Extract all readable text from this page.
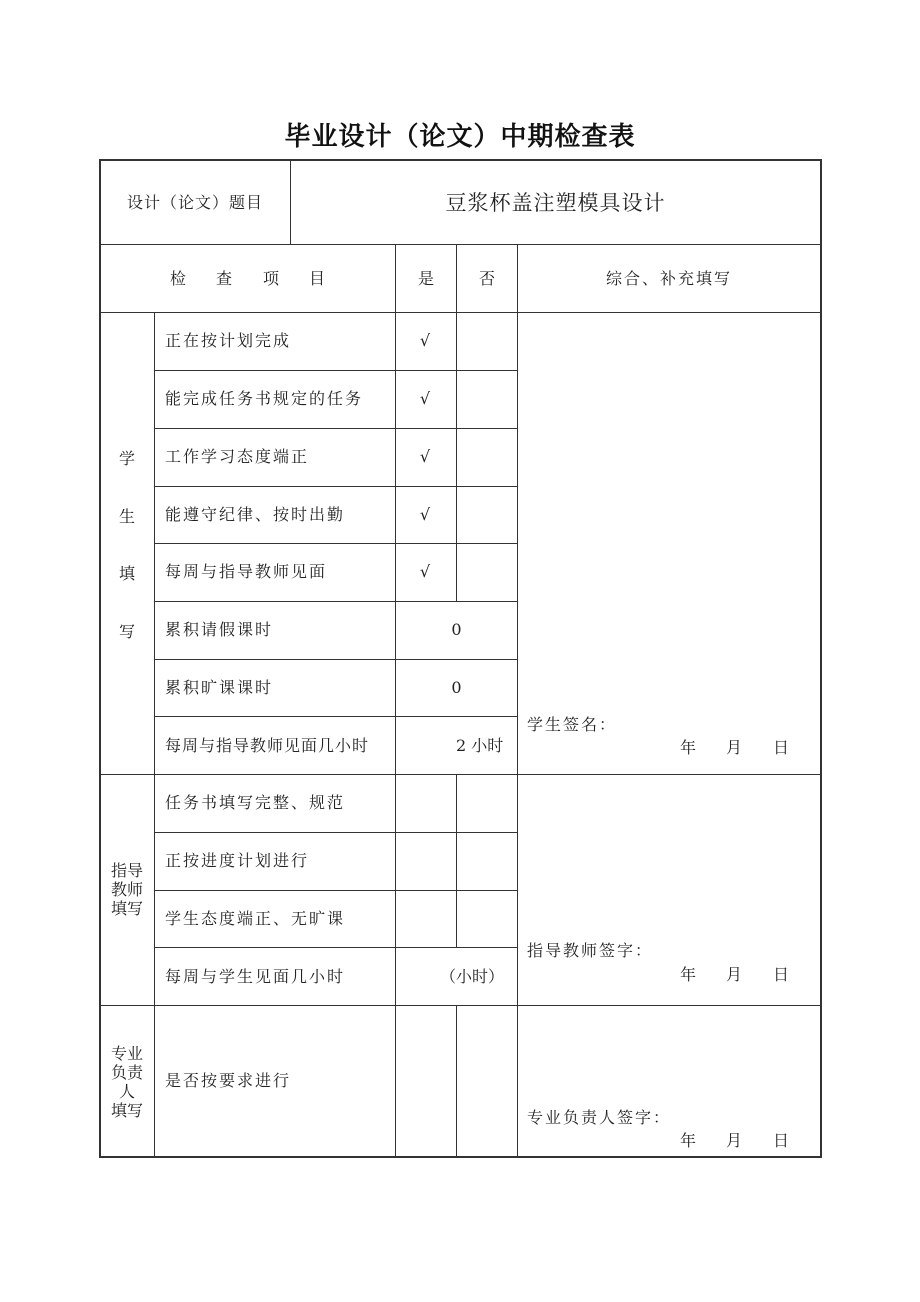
毕业设计（论文）中期检查表
设计（论文）题目	豆浆杯盖注塑模具设计
检 查 项 目	是	否	综合、补充填写
学
生
填
写
正在按计划完成	√
能完成任务书规定的任务	√
工作学习态度端正	√
能遵守纪律、按时出勤	√
每周与指导教师见面	√
累积请假课时	0
累积旷课课时	0
每周与指导教师见面几小时	2 小时
学生签名：
年 月 日
指导
教师
填写
任务书填写完整、规范
正按进度计划进行
学生态度端正、无旷课
每周与学生见面几小时	（小时）
指导教师签字：
年 月 日
专业
负责
人
填写
是否按要求进行
专业负责人签字：
年 月 日
